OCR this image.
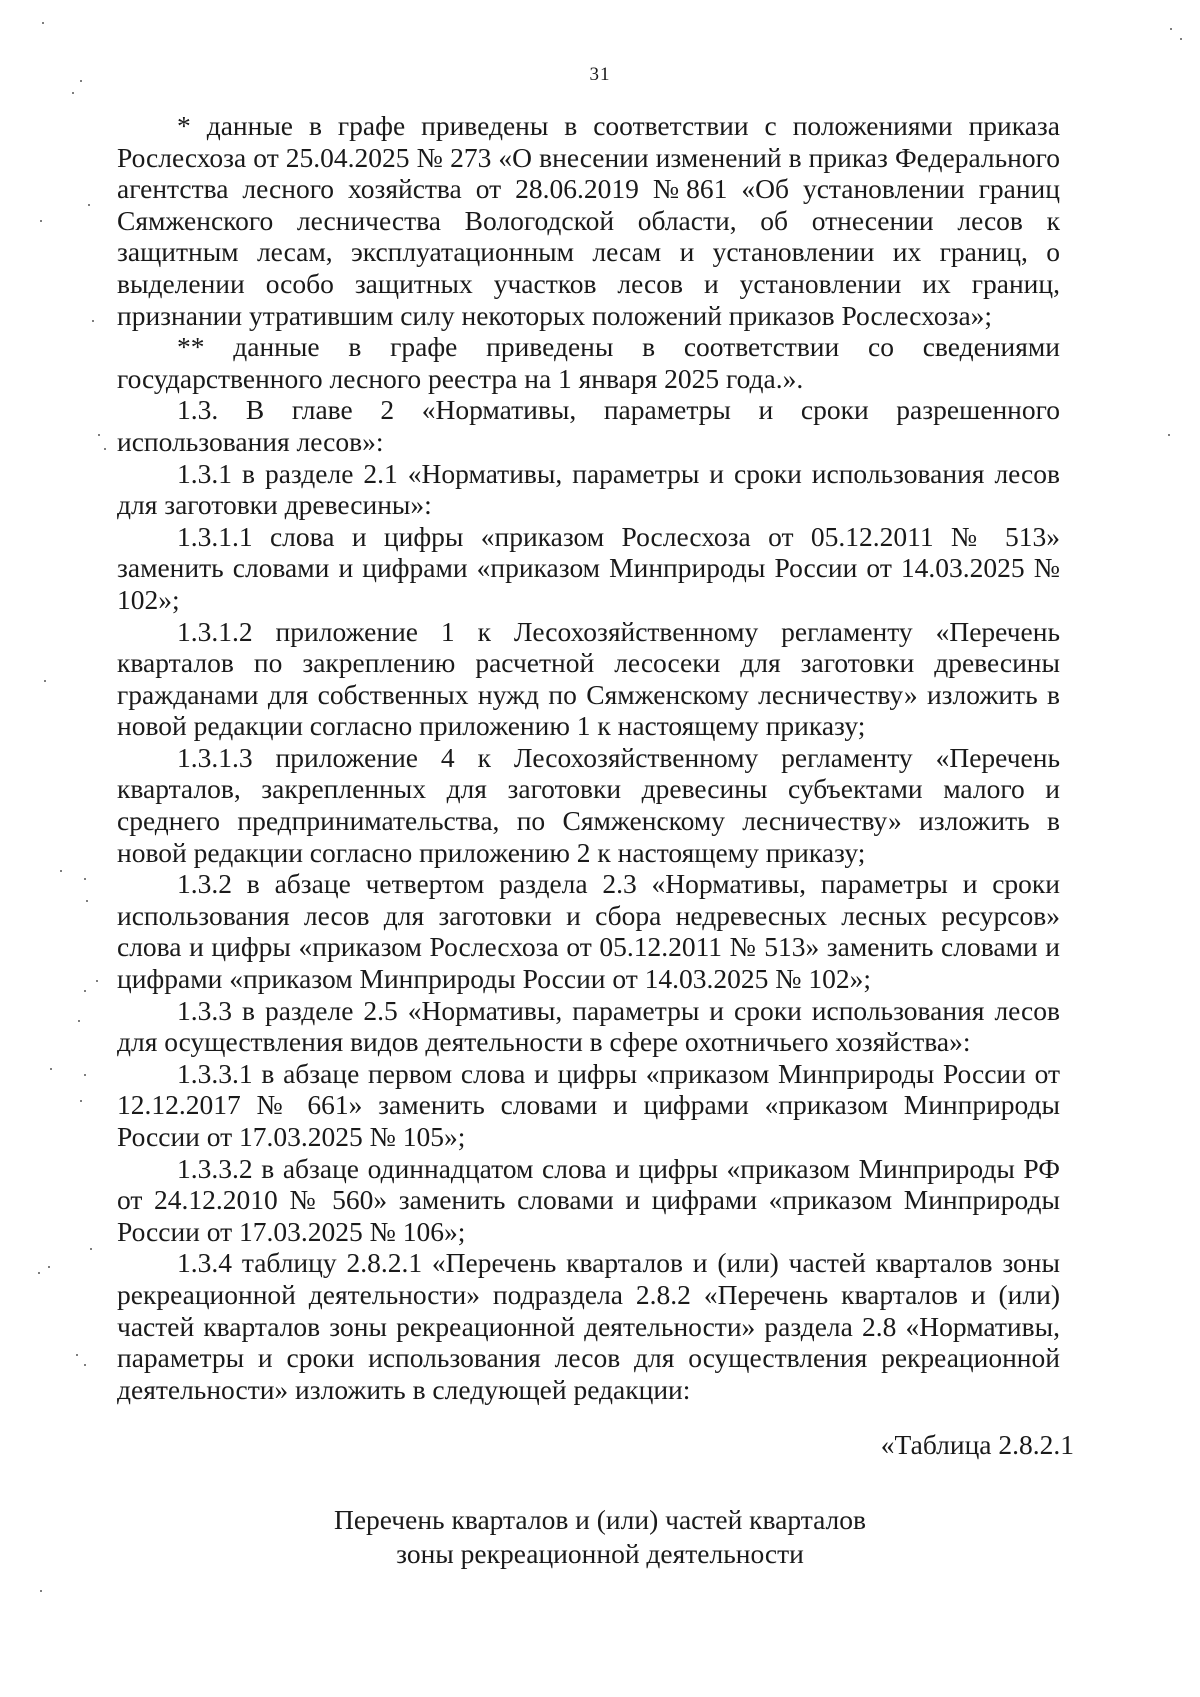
31

* данные в графе приведены в соответствии с положениями приказа Рослесхоза от 25.04.2025 № 273 «О внесении изменений в приказ Федерального агентства лесного хозяйства от 28.06.2019 №861 «Об установлении границ Сямженского лесничества Вологодской области, об отнесении лесов к защитным лесам, эксплуатационным лесам и установлении их границ, о выделении особо защитных участков лесов и установлении их границ, признании утратившим силу некоторых положений приказов Рослесхоза»;

** данные в графе приведены в соответствии со сведениями государственного лесного реестра на 1 января 2025 года.».

1.3. В главе 2 «Нормативы, параметры и сроки разрешенного использования лесов»:

1.3.1 в разделе 2.1 «Нормативы, параметры и сроки использования лесов для заготовки древесины»:

1.3.1.1 слова и цифры «приказом Рослесхоза от 05.12.2011 № 513» заменить словами и цифрами «приказом Минприроды России от 14.03.2025 № 102»;

1.3.1.2 приложение 1 к Лесохозяйственному регламенту «Перечень кварталов по закреплению расчетной лесосеки для заготовки древесины гражданами для собственных нужд по Сямженскому лесничеству» изложить в новой редакции согласно приложению 1 к настоящему приказу;

1.3.1.3 приложение 4 к Лесохозяйственному регламенту «Перечень кварталов, закрепленных для заготовки древесины субъектами малого и среднего предпринимательства, по Сямженскому лесничеству» изложить в новой редакции согласно приложению 2 к настоящему приказу;

1.3.2 в абзаце четвертом раздела 2.3 «Нормативы, параметры и сроки использования лесов для заготовки и сбора недревесных лесных ресурсов» слова и цифры «приказом Рослесхоза от 05.12.2011 № 513» заменить словами и цифрами «приказом Минприроды России от 14.03.2025 № 102»;

1.3.3 в разделе 2.5 «Нормативы, параметры и сроки использования лесов для осуществления видов деятельности в сфере охотничьего хозяйства»:

1.3.3.1 в абзаце первом слова и цифры «приказом Минприроды России от 12.12.2017 № 661» заменить словами и цифрами «приказом Минприроды России от 17.03.2025 № 105»;

1.3.3.2 в абзаце одиннадцатом слова и цифры «приказом Минприроды РФ от 24.12.2010 № 560» заменить словами и цифрами «приказом Минприроды России от 17.03.2025 № 106»;

1.3.4 таблицу 2.8.2.1 «Перечень кварталов и (или) частей кварталов зоны рекреационной деятельности» подраздела 2.8.2 «Перечень кварталов и (или) частей кварталов зоны рекреационной деятельности» раздела 2.8 «Нормативы, параметры и сроки использования лесов для осуществления рекреационной деятельности» изложить в следующей редакции:

«Таблица 2.8.2.1
Перечень кварталов и (или) частей кварталов
зоны рекреационной деятельности
